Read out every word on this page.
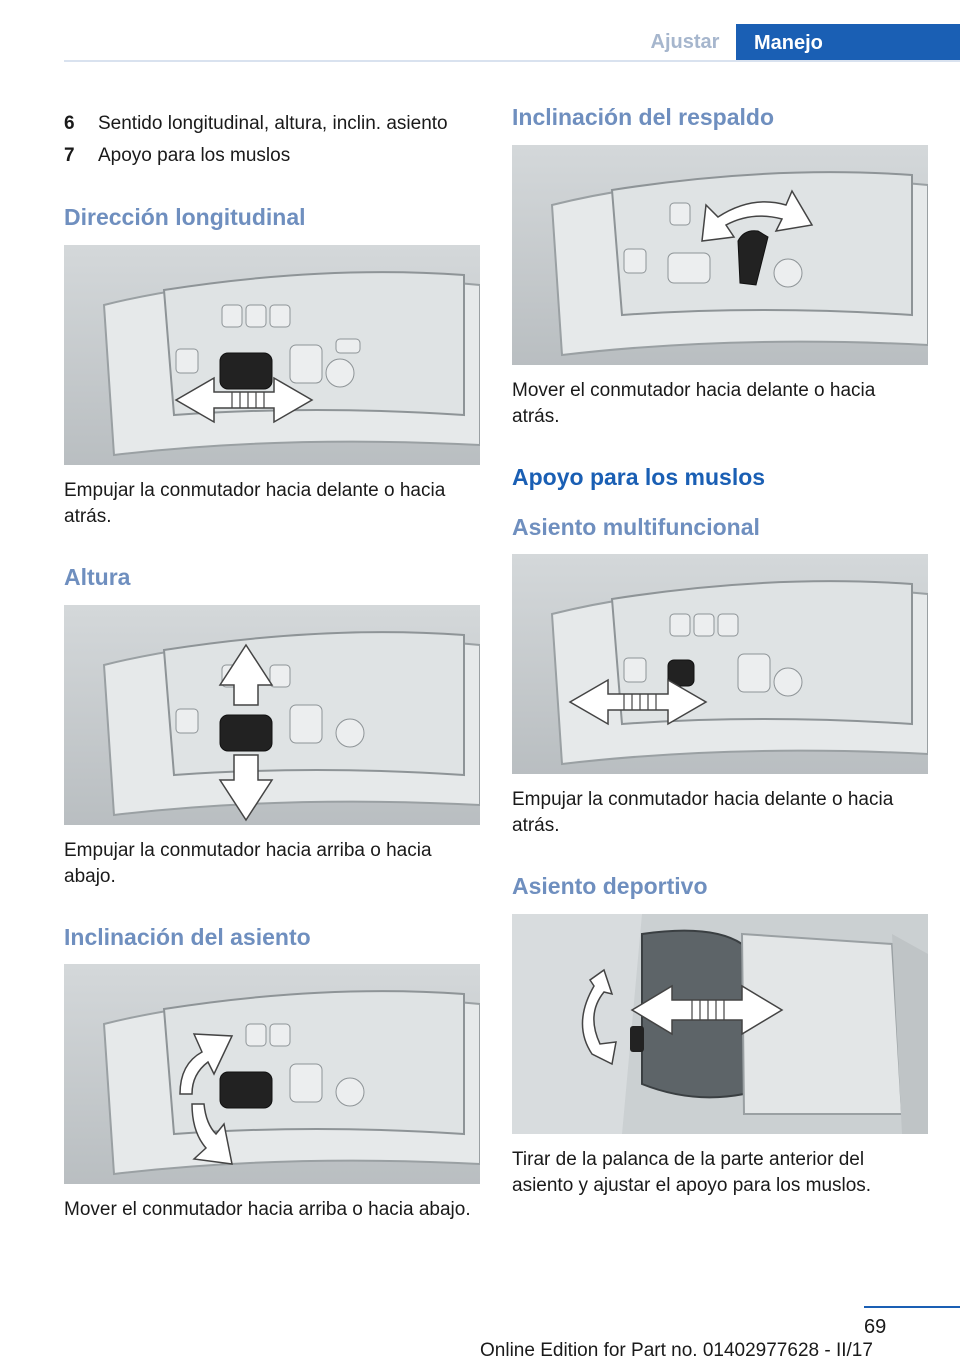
Ajustar	Manejo
6	Sentido longitudinal, altura, inclin. asiento
7	Apoyo para los muslos
Dirección longitudinal

Empujar la conmutador hacia delante o hacia atrás.

Altura

Empujar la conmutador hacia arriba o hacia abajo.

Inclinación del asiento

Mover el conmutador hacia arriba o hacia abajo.

Inclinación del respaldo

Mover el conmutador hacia delante o hacia atrás.

Apoyo para los muslos
Asiento multifuncional

Empujar la conmutador hacia delante o hacia atrás.

Asiento deportivo

Tirar de la palanca de la parte anterior del asiento y ajustar el apoyo para los muslos.

69
Online Edition for Part no. 01402977628 - II/17
